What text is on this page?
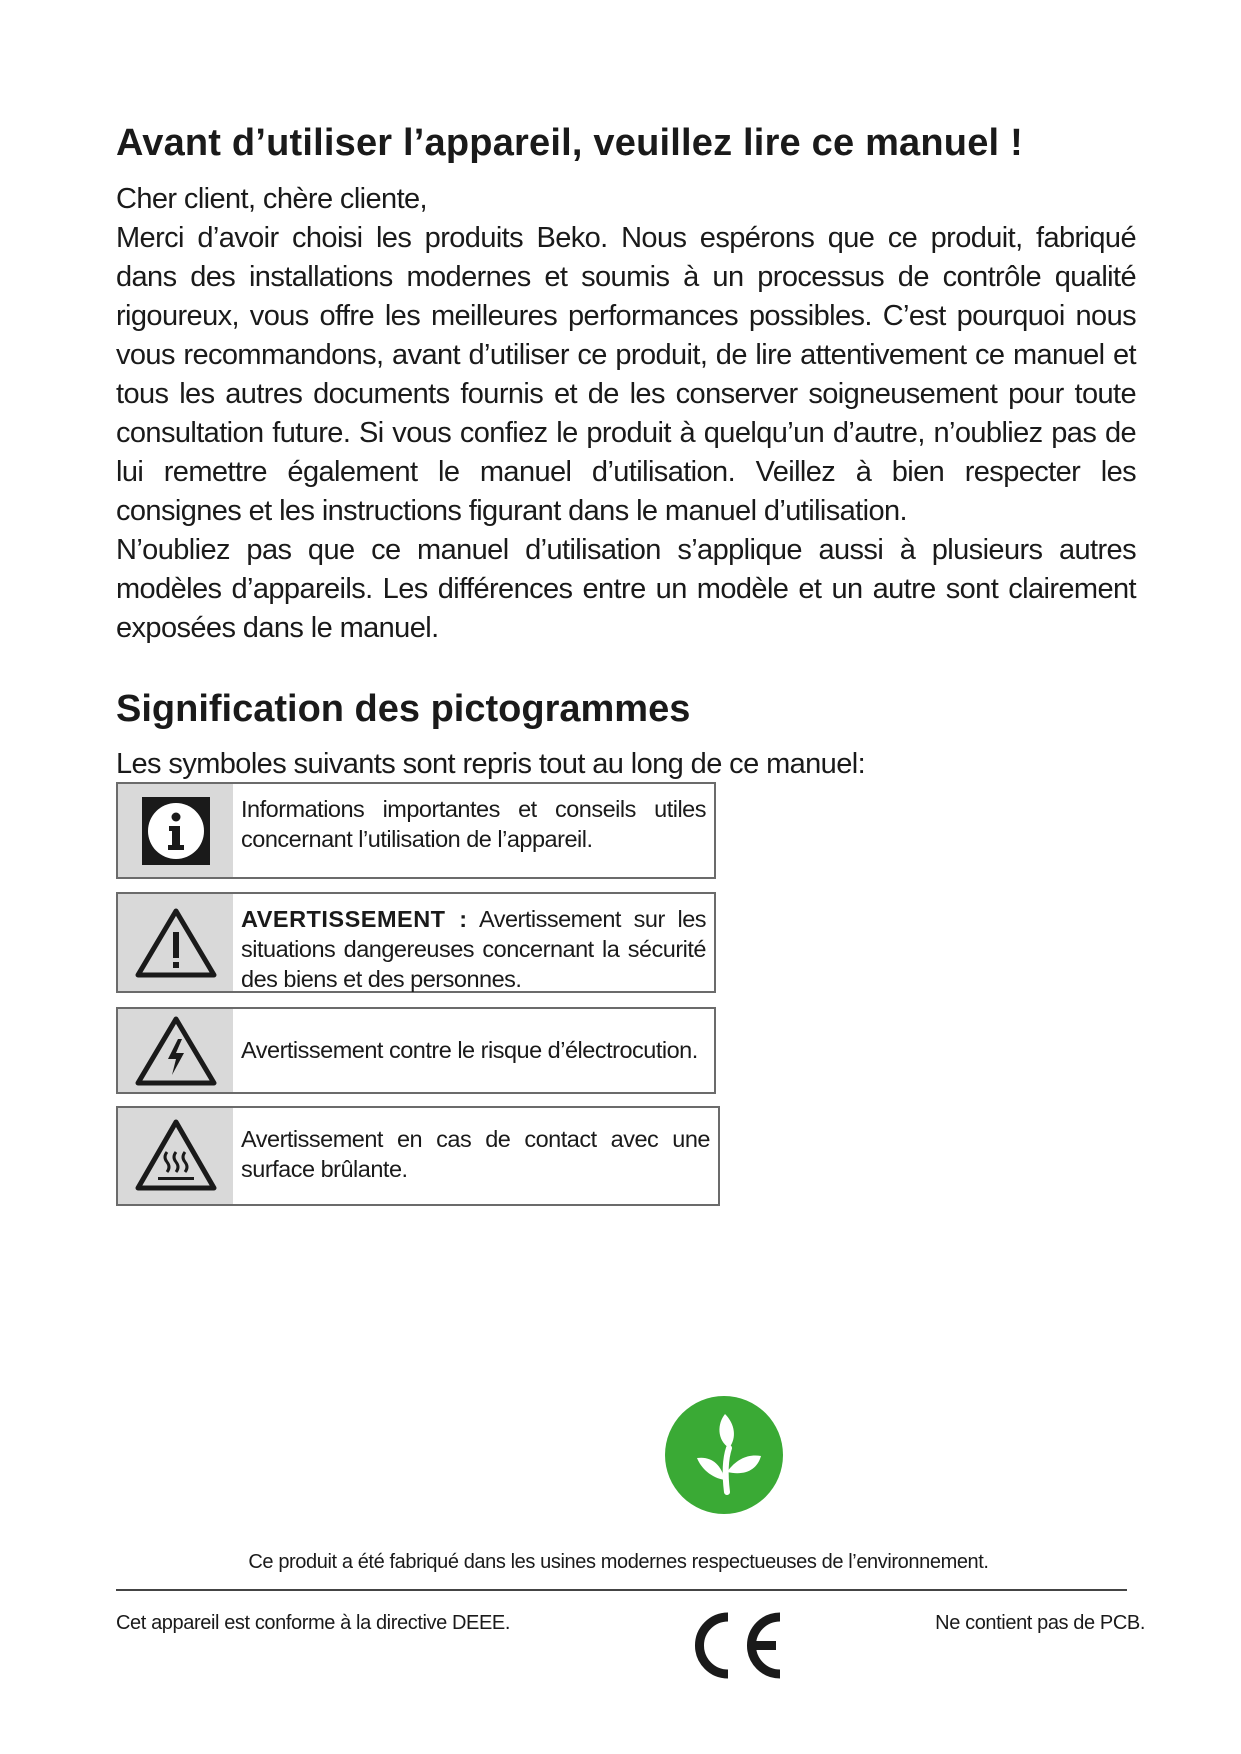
Avant d’utiliser l’appareil, veuillez lire ce manuel !

Cher client, chère cliente,

Merci d’avoir choisi les produits Beko. Nous espérons que ce produit, fabriqué dans des installations modernes et soumis à un processus de contrôle qualité rigoureux, vous offre les meilleures performances possibles. C’est pourquoi nous vous recommandons, avant d’utiliser ce produit, de lire attentivement ce manuel et tous les autres documents fournis et de les conserver soigneusement pour toute consultation future. Si vous confiez le produit à quelqu’un d’autre, n’oubliez pas de lui remettre également le manuel d’utilisation. Veillez à bien respecter les consignes et les instructions figurant dans le manuel d’utilisation.

N’oubliez pas que ce manuel d’utilisation s’applique aussi à plusieurs autres modèles d’appareils. Les différences entre un modèle et un autre sont clairement exposées dans le manuel.

Signification des pictogrammes

Les symboles suivants sont repris tout au long de ce manuel:

Informations importantes et conseils utiles concernant l’utilisation de l’appareil.
AVERTISSEMENT : Avertissement sur les situations dangereuses concernant la sécurité des biens et des personnes.
Avertissement contre le risque d’électrocution.
Avertissement en cas de contact avec une surface brûlante.
Ce produit a été fabriqué dans les usines modernes respectueuses de l’environnement.
Cet appareil est conforme à la directive DEEE.	Ne contient pas de PCB.
